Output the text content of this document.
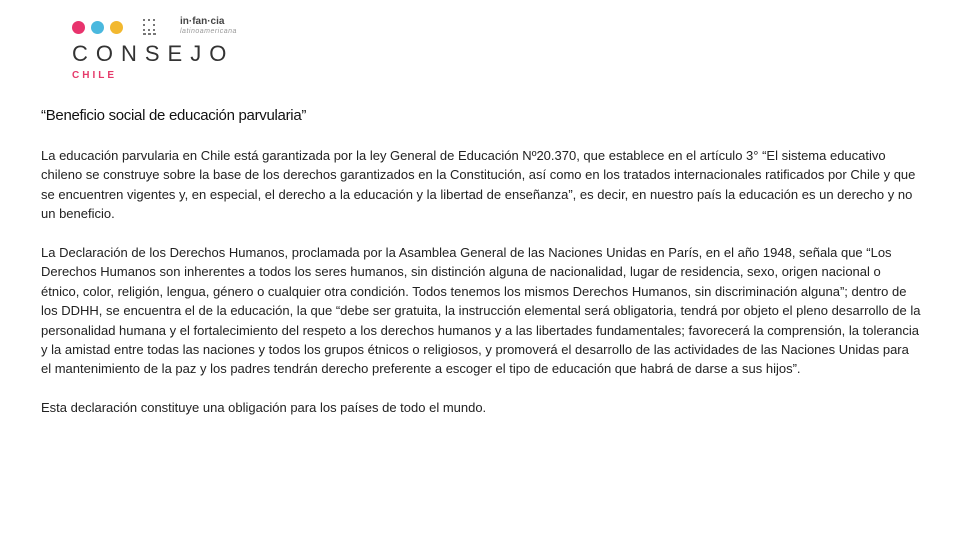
in·fan·cia
latinoamericana
CONSEJO
CHILE
“Beneficio social de educación parvularia”

La educación parvularia en Chile está garantizada por la ley General de Educación Nº20.370, que establece en el artículo 3° “El sistema educativo chileno se construye sobre la base de los derechos garantizados en la Constitución, así como en los tratados internacionales ratificados por Chile y que se encuentren vigentes y, en especial, el derecho a la educación y la libertad de enseñanza”, es decir, en nuestro país la educación es un derecho y no un beneficio.

La Declaración de los Derechos Humanos, proclamada por la Asamblea General de las Naciones Unidas en París, en el año 1948, señala que “Los Derechos Humanos son inherentes a todos los seres humanos, sin distinción alguna de nacionalidad, lugar de residencia, sexo, origen nacional o étnico, color, religión, lengua, género o cualquier otra condición. Todos tenemos los mismos Derechos Humanos, sin discriminación alguna”; dentro de los DDHH, se encuentra el de la educación, la que “debe ser gratuita, la instrucción elemental será obligatoria, tendrá por objeto el pleno desarrollo de la personalidad humana y el fortalecimiento del respeto a los derechos humanos y a las libertades fundamentales; favorecerá la comprensión, la tolerancia y la amistad entre todas las naciones y todos los grupos étnicos o religiosos, y promoverá el desarrollo de las actividades de las Naciones Unidas para el mantenimiento de la paz y los padres tendrán derecho preferente a escoger el tipo de educación que habrá de darse a sus hijos”.

Esta declaración constituye una obligación para los países de todo el mundo.
